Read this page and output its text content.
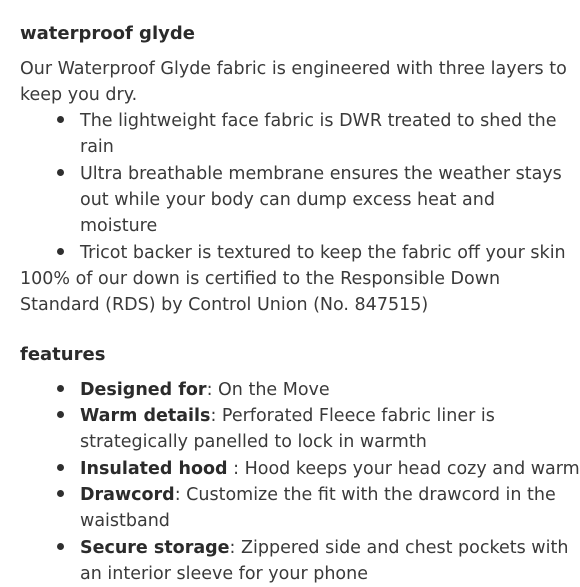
waterproof glyde

Our Waterproof Glyde fabric is engineered with three layers to

keep you dry.

The lightweight face fabric is DWR treated to shed the

rain

Ultra breathable membrane ensures the weather stays

out while your body can dump excess heat and

moisture

Tricot backer is textured to keep the fabric off your skin

100% of our down is certified to the Responsible Down

Standard (RDS) by Control Union (No. 847515)

features

Designed for: On the Move

Warm details: Perforated Fleece fabric liner is

strategically panelled to lock in warmth

Insulated hood : Hood keeps your head cozy and warm

Drawcord: Customize the fit with the drawcord in the

waistband

Secure storage: Zippered side and chest pockets with

an interior sleeve for your phone
